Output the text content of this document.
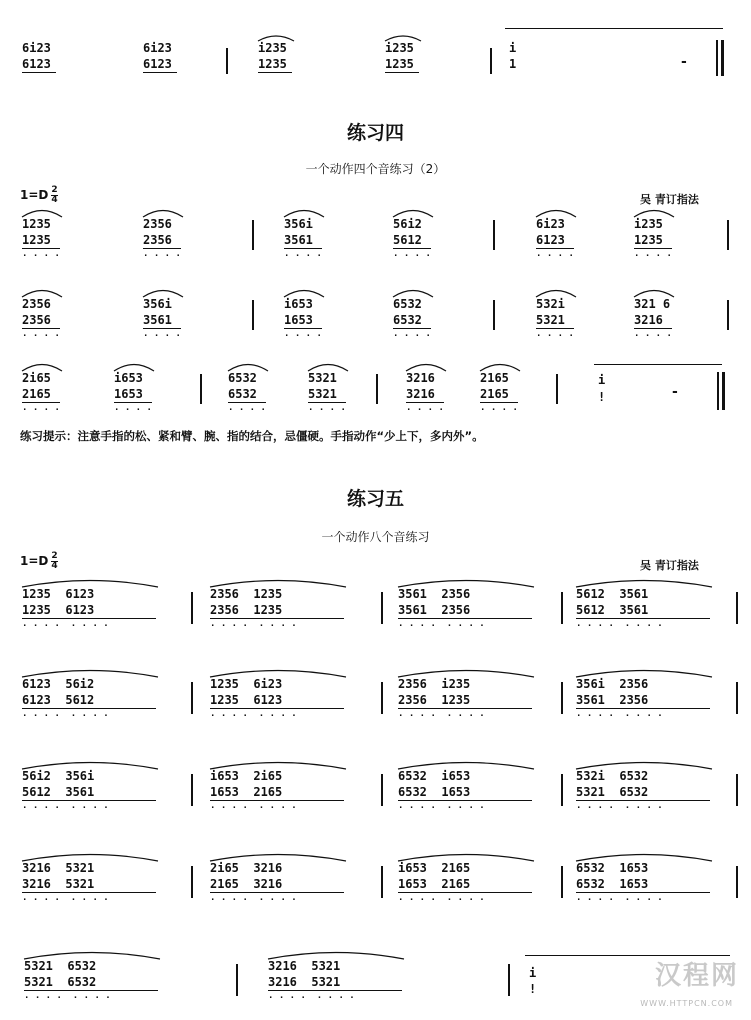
6i23
6123
6i23
6123
i235
1235
i235
1235
i
1	-
练习四
一个动作四个音练习（2）
$1=D \frac{2}{4}$	吴 青订指法
1235
1235
. . . .
2356
2356
. . . .
356i
3561
. . . .
56i2
5612
. . . .
6i23
6123
. . . .
i235
1235
. . . .
2356
2356
. . . .
356i
3561
. . . .
i653
1653
. . . .
6532
6532
. . . .
532i
5321
. . . .
321 6
3216
. . . .
2i65
2165
. . . .
i653
1653
. . . .
6532
6532
. . . .
5321
5321
. . . .
3216
3216
. . . .
2165
2165
. . . .
i
!	-
练习提示：注意手指的松、紧和臂、腕、指的结合，忌僵硬。手指动作“少上下，多内外”。
练习五
一个动作八个音练习
$1=D \frac{2}{4}$	吴 青订指法
1235  6123
1235  6123
. . . .  . . . .
2356  1235
2356  1235
. . . .  . . . .
3561  2356
3561  2356
. . . .  . . . .
5612  3561
5612  3561
. . . .  . . . .
6123  56i2
6123  5612
. . . .  . . . .
1235  6i23
1235  6123
. . . .  . . . .
2356  i235
2356  1235
. . . .  . . . .
356i  2356
3561  2356
. . . .  . . . .
56i2  356i
5612  3561
. . . .  . . . .
i653  2i65
1653  2165
. . . .  . . . .
6532  i653
6532  1653
. . . .  . . . .
532i  6532
5321  6532
. . . .  . . . .
3216  5321
3216  5321
. . . .  . . . .
2i65  3216
2165  3216
. . . .  . . . .
i653  2165
1653  2165
. . . .  . . . .
6532  1653
6532  1653
. . . .  . . . .
5321  6532
5321  6532
. . . .  . . . .
3216  5321
3216  5321
. . . .  . . . .
i
!	汉程网
WWW.HTTPCN.COM
